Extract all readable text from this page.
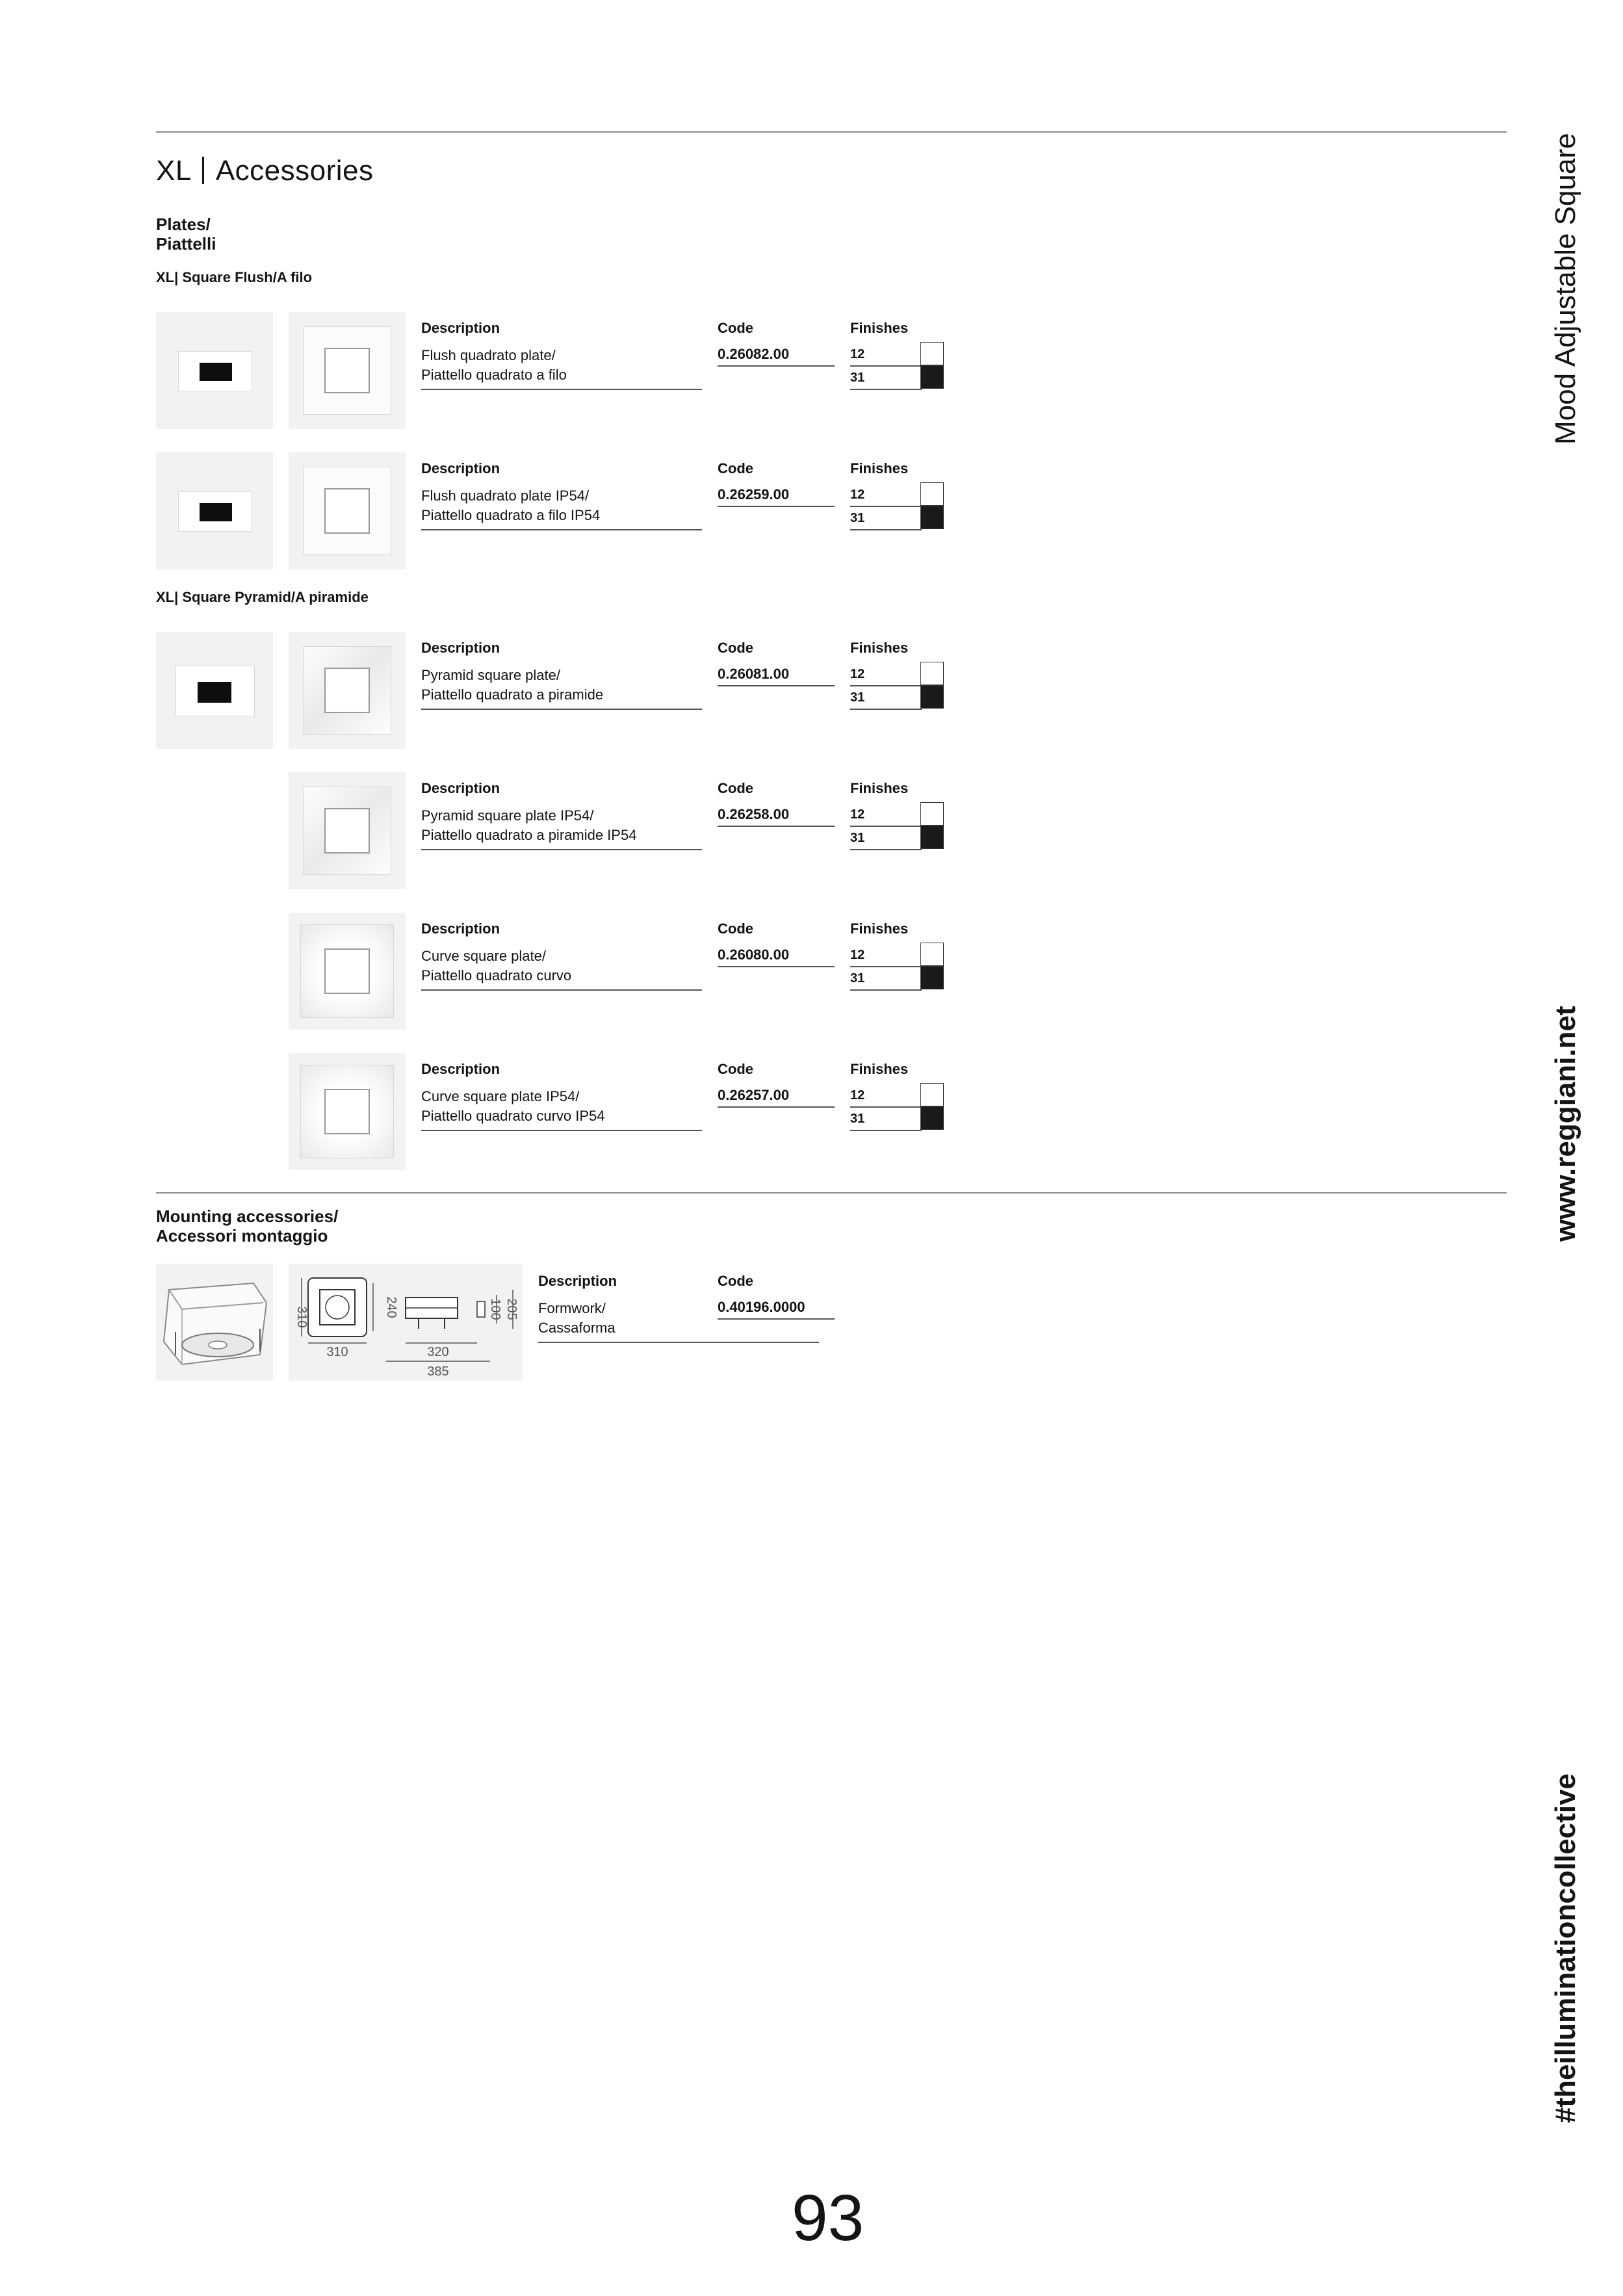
XL Accessories
Plates/
Piattelli
XL| Square Flush/A filo
XL| Square Pyramid/A piramide
Description
Flush quadrato plate/
Piattello quadrato a filo
Code
0.26082.00
Finishes
12
31
Description
Flush quadrato plate IP54/
Piattello quadrato a filo IP54
Code
0.26259.00
Finishes
12
31
Description
Pyramid square plate/
Piattello quadrato a piramide
Code
0.26081.00
Finishes
12
31
Description
Pyramid square plate IP54/
Piattello quadrato a piramide IP54
Code
0.26258.00
Finishes
12
31
Description
Curve square plate/
Piattello quadrato curvo
Code
0.26080.00
Finishes
12
31
Description
Curve square plate IP54/
Piattello quadrato curvo IP54
Code
0.26257.00
Finishes
12
31
Mounting accessories/
Accessori montaggio
310	240
310
100 205
320
385
Description
Formwork/
Cassaforma
Code
0.40196.0000
Mood Adjustable Square
www.reggiani.net
#theilluminationcollective
93
